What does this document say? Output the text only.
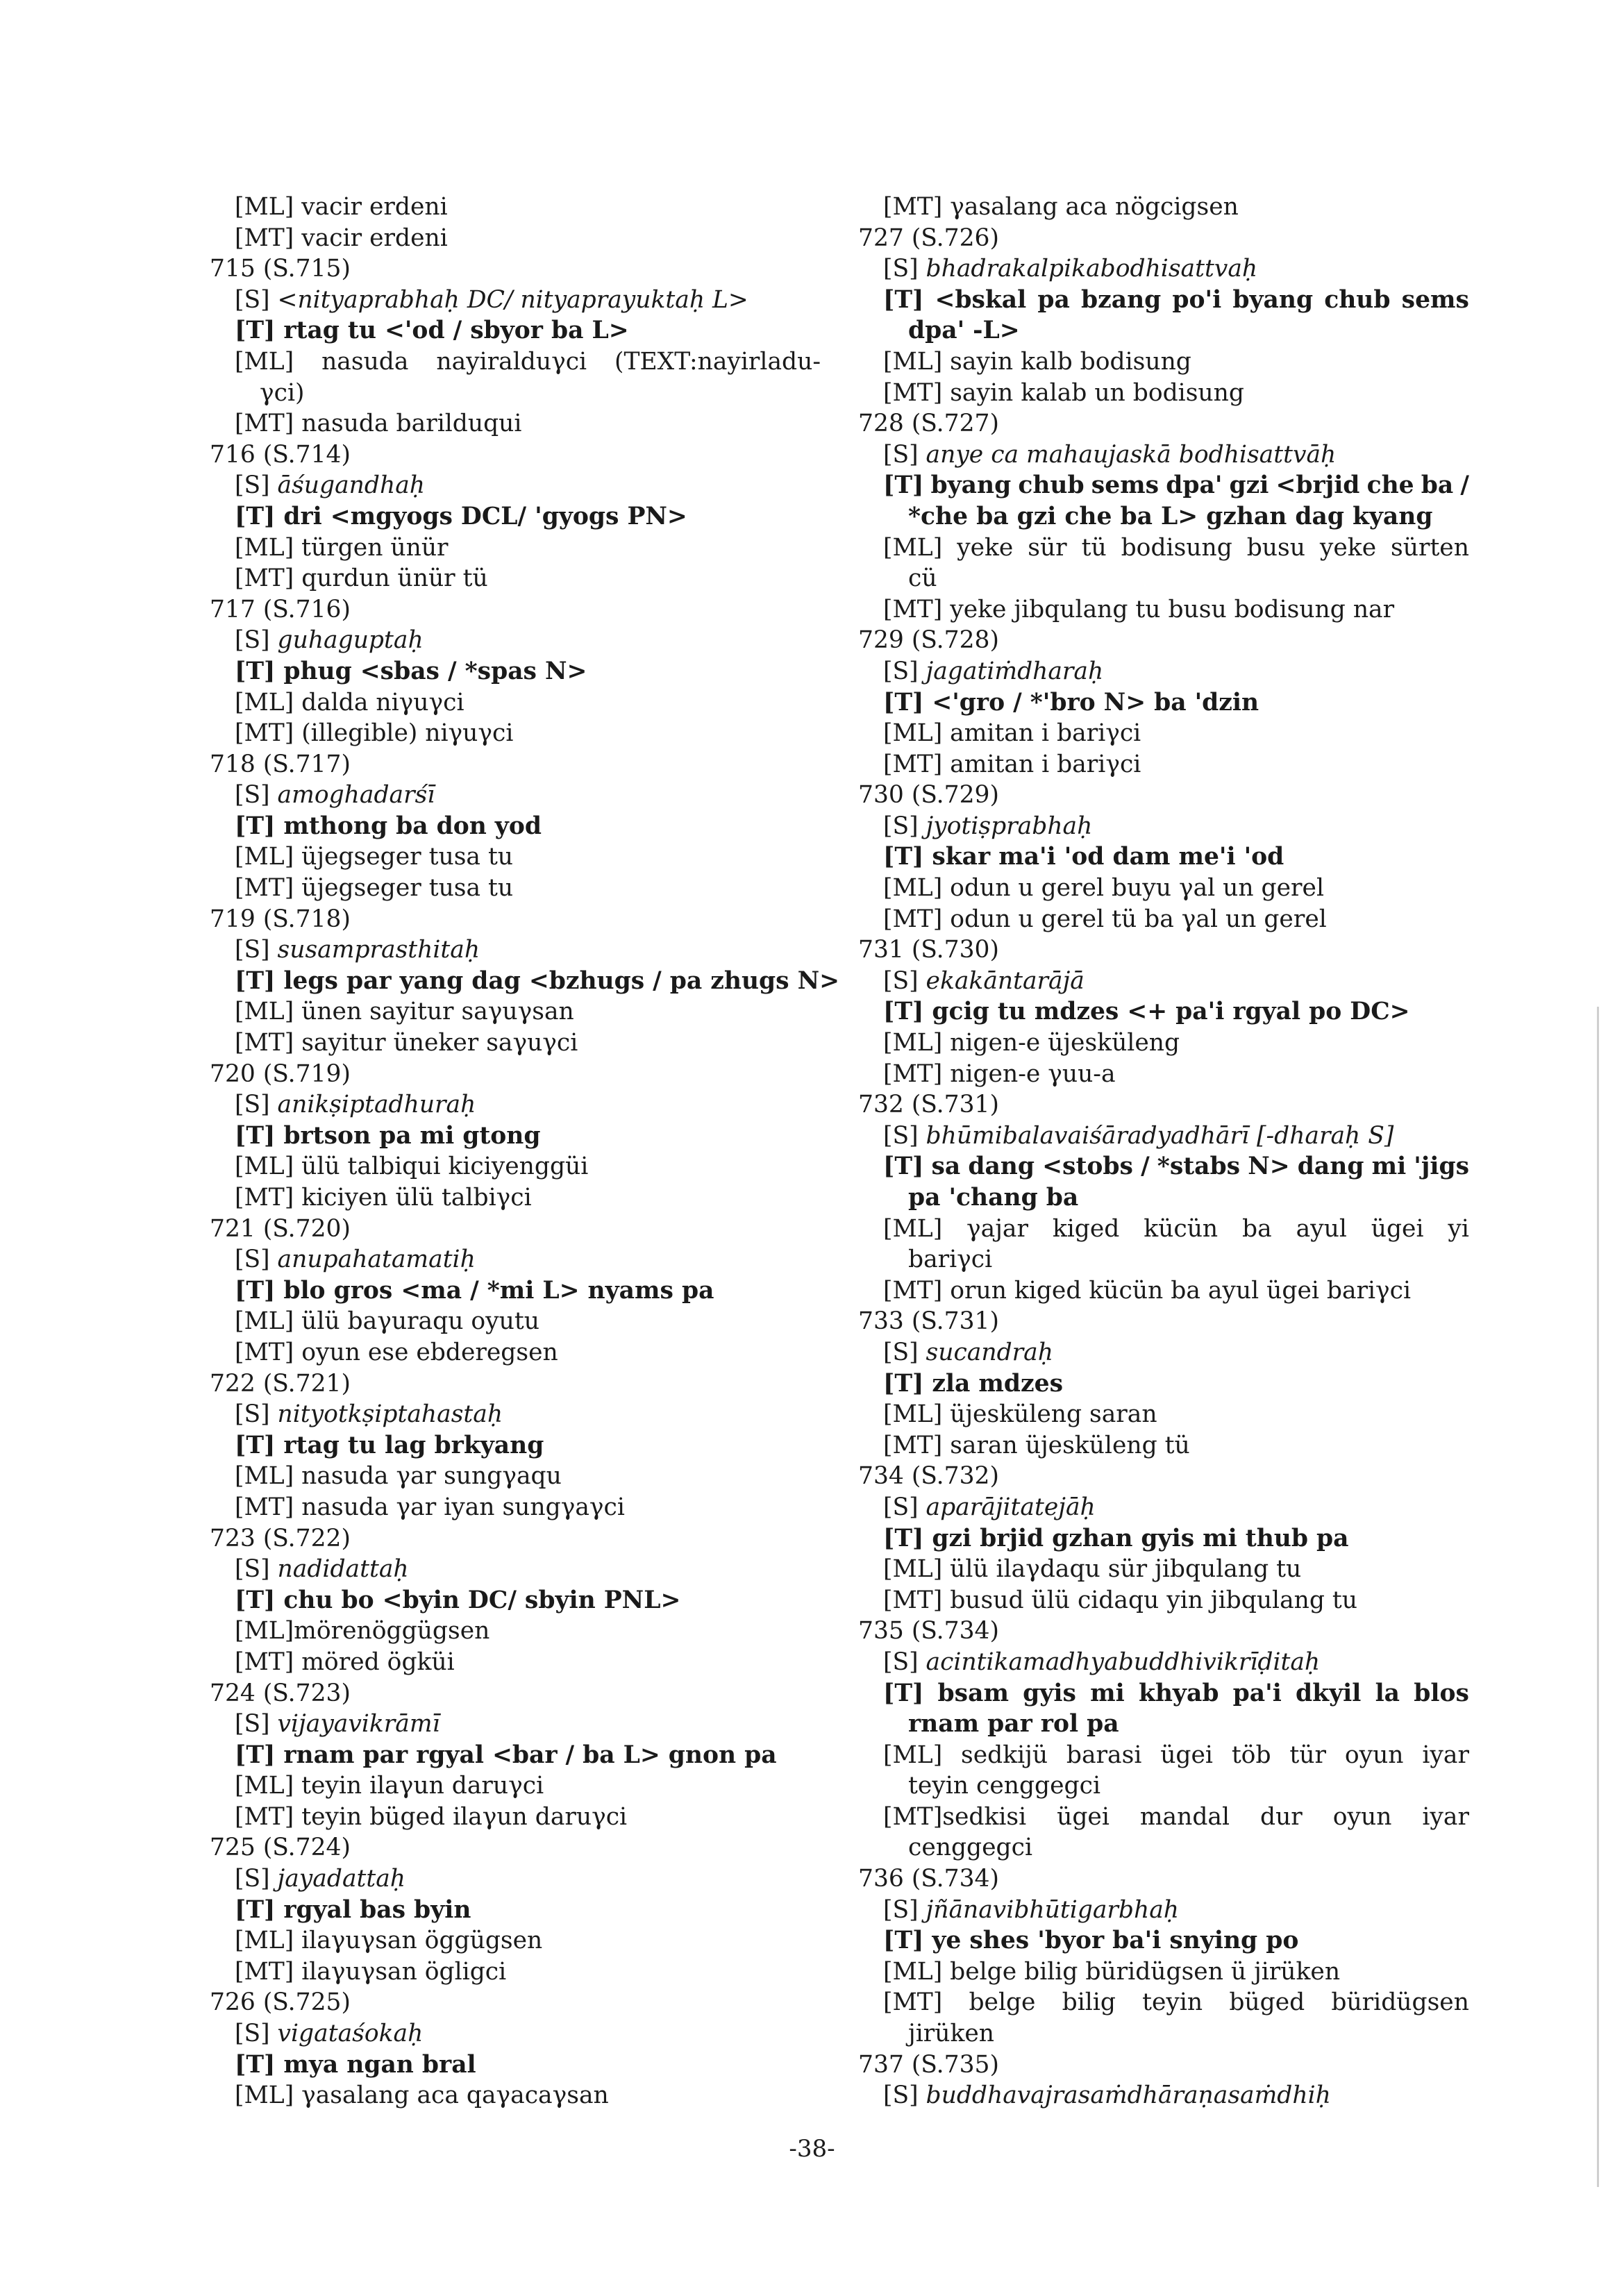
[ML] vacir erdeni
[MT] vacir erdeni
715 (S.715)
[S] <nityaprabhaḥ DC/ nityaprayuktaḥ L>
[T] rtag tu <'od / sbyor ba L>
[ML] nasuda nayiralduγci (TEXT:nayirladu-
γci)
[MT] nasuda barilduqui
716 (S.714)
[S] āśugandhaḥ
[T] dri <mgyogs DCL/ 'gyogs PN>
[ML] türgen ünür
[MT] qurdun ünür tü
717 (S.716)
[S] guhaguptaḥ
[T] phug <sbas / *spas N>
[ML] dalda niγuγci
[MT] (illegible) niγuγci
718 (S.717)
[S] amoghadarśī
[T] mthong ba don yod
[ML] üjegseger tusa tu
[MT] üjegseger tusa tu
719 (S.718)
[S] susamprasthitaḥ
[T] legs par yang dag <bzhugs / pa zhugs N>
[ML] ünen sayitur saγuγsan
[MT] sayitur üneker saγuγci
720 (S.719)
[S] anikṣiptadhuraḥ
[T] brtson pa mi gtong
[ML] ülü talbiqui kiciyenggüi
[MT] kiciyen ülü talbiγci
721 (S.720)
[S] anupahatamatiḥ
[T] blo gros <ma / *mi L> nyams pa
[ML] ülü baγuraqu oyutu
[MT] oyun ese ebderegsen
722 (S.721)
[S] nityotkṣiptahastaḥ
[T] rtag tu lag brkyang
[ML] nasuda γar sungγaqu
[MT] nasuda γar iyan sungγaγci
723 (S.722)
[S] nadidattaḥ
[T] chu bo <byin DC/ sbyin PNL>
[ML]mörenöggügsen
[MT] möred ögküi
724 (S.723)
[S] vijayavikrāmī
[T] rnam par rgyal <bar / ba L> gnon pa
[ML] teyin ilaγun daruγci
[MT] teyin büged ilaγun daruγci
725 (S.724)
[S] jayadattaḥ
[T] rgyal bas byin
[ML] ilaγuγsan öggügsen
[MT] ilaγuγsan ögligci
726 (S.725)
[S] vigataśokaḥ
[T] mya ngan bral
[ML] γasalang aca qaγacaγsan
[MT] γasalang aca nögcigsen
727 (S.726)
[S] bhadrakalpikabodhisattvaḥ
[T] <bskal pa bzang po'i byang chub sems
dpa' -L>
[ML] sayin kalb bodisung
[MT] sayin kalab un bodisung
728 (S.727)
[S] anye ca mahaujaskā bodhisattvāḥ
[T] byang chub sems dpa' gzi <brjid che ba /
*che ba gzi che ba L> gzhan dag kyang
[ML] yeke sür tü bodisung busu yeke sürten
cü
[MT] yeke jibqulang tu busu bodisung nar
729 (S.728)
[S] jagatiṁdharaḥ
[T] <'gro / *'bro N> ba 'dzin
[ML] amitan i bariγci
[MT] amitan i bariγci
730 (S.729)
[S] jyotiṣprabhaḥ
[T] skar ma'i 'od dam me'i 'od
[ML] odun u gerel buyu γal un gerel
[MT] odun u gerel tü ba γal un gerel
731 (S.730)
[S] ekakāntarājā
[T] gcig tu mdzes <+ pa'i rgyal po DC>
[ML] nigen-e üjesküleng
[MT] nigen-e γuu-a
732 (S.731)
[S] bhūmibalavaiśāradyadhārī [-dharaḥ S]
[T] sa dang <stobs / *stabs N> dang mi 'jigs
pa 'chang ba
[ML] γajar kiged kücün ba ayul ügei yi
bariγci
[MT] orun kiged kücün ba ayul ügei bariγci
733 (S.731)
[S] sucandraḥ
[T] zla mdzes
[ML] üjesküleng saran
[MT] saran üjesküleng tü
734 (S.732)
[S] aparājitatejāḥ
[T] gzi brjid gzhan gyis mi thub pa
[ML] ülü ilaγdaqu sür jibqulang tu
[MT] busud ülü cidaqu yin jibqulang tu
735 (S.734)
[S] acintikamadhyabuddhivikrīḍitaḥ
[T] bsam gyis mi khyab pa'i dkyil la blos
rnam par rol pa
[ML] sedkijü barasi ügei töb tür oyun iyar
teyin cenggegci
[MT]sedkisi ügei mandal dur oyun iyar
cenggegci
736 (S.734)
[S] jñānavibhūtigarbhaḥ
[T] ye shes 'byor ba'i snying po
[ML] belge bilig büridügsen ü jirüken
[MT] belge bilig teyin büged büridügsen
jirüken
737 (S.735)
[S] buddhavajrasaṁdhāraṇasaṁdhiḥ
-38-
